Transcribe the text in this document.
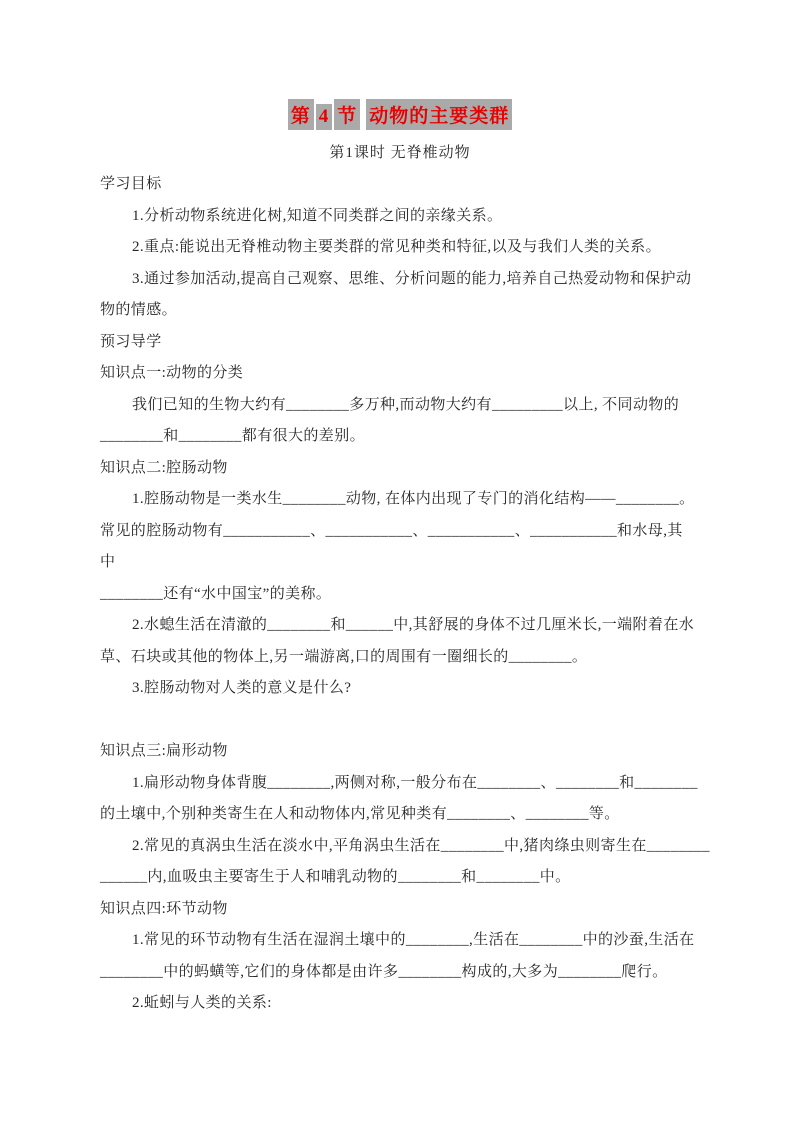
第 4 节 动物的主要类群
第1课时 无脊椎动物
学习目标
1.分析动物系统进化树,知道不同类群之间的亲缘关系。
2.重点:能说出无脊椎动物主要类群的常见种类和特征,以及与我们人类的关系。
3.通过参加活动,提高自己观察、思维、分析问题的能力,培养自己热爱动物和保护动
物的情感。
预习导学
知识点一:动物的分类
我们已知的生物大约有________多万种,而动物大约有_________以上, 不同动物的
________和________都有很大的差别。
知识点二:腔肠动物
1.腔肠动物是一类水生________动物, 在体内出现了专门的消化结构——________。
常见的腔肠动物有___________、___________、___________、___________和水母,其
中
________还有“水中国宝”的美称。
2.水螅生活在清澈的________和______中,其舒展的身体不过几厘米长,一端附着在水
草、石块或其他的物体上,另一端游离,口的周围有一圈细长的________。
3.腔肠动物对人类的意义是什么?
知识点三:扁形动物
1.扁形动物身体背腹________,两侧对称,一般分布在________、________和________
的土壤中,个别种类寄生在人和动物体内,常见种类有________、________等。
2.常见的真涡虫生活在淡水中,平角涡虫生活在________中,猪肉绦虫则寄生在________
______内,血吸虫主要寄生于人和哺乳动物的________和________中。
知识点四:环节动物
1.常见的环节动物有生活在湿润土壤中的________,生活在________中的沙蚕,生活在
________中的蚂蟥等,它们的身体都是由许多________构成的,大多为________爬行。
2.蚯蚓与人类的关系:
